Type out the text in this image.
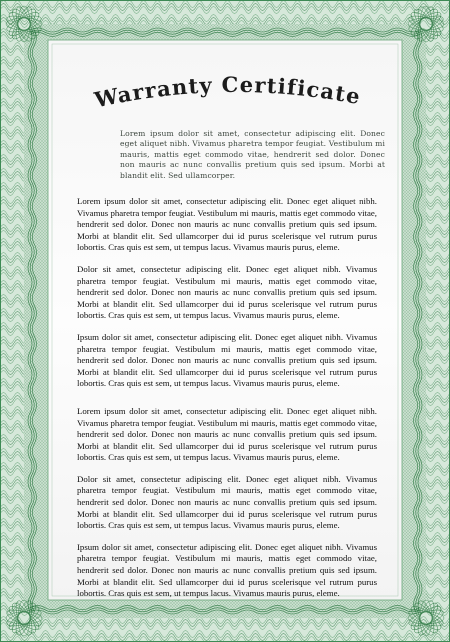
Warranty Certificate

Lorem ipsum dolor sit amet, consectetur adipiscing elit. Donec eget aliquet nibh. Vivamus pharetra tempor feugiat. Vestibulum mi mauris, mattis eget commodo vitae, hendrerit sed dolor. Donec non mauris ac nunc convallis pretium quis sed ipsum. Morbi at blandit elit. Sed ullamcorper.

Lorem ipsum dolor sit amet, consectetur adipiscing elit. Donec eget aliquet nibh. Vivamus pharetra tempor feugiat. Vestibulum mi mauris, mattis eget commodo vitae, hendrerit sed dolor. Donec non mauris ac nunc convallis pretium quis sed ipsum. Morbi at blandit elit. Sed ullamcorper dui id purus scelerisque vel rutrum purus lobortis. Cras quis est sem, ut tempus lacus. Vivamus mauris purus, eleme.

Dolor sit amet, consectetur adipiscing elit. Donec eget aliquet nibh. Vivamus pharetra tempor feugiat. Vestibulum mi mauris, mattis eget commodo vitae, hendrerit sed dolor. Donec non mauris ac nunc convallis pretium quis sed ipsum. Morbi at blandit elit. Sed ullamcorper dui id purus scelerisque vel rutrum purus lobortis. Cras quis est sem, ut tempus lacus. Vivamus mauris purus, eleme.

Ipsum dolor sit amet, consectetur adipiscing elit. Donec eget aliquet nibh. Vivamus pharetra tempor feugiat. Vestibulum mi mauris, mattis eget commodo vitae, hendrerit sed dolor. Donec non mauris ac nunc convallis pretium quis sed ipsum. Morbi at blandit elit. Sed ullamcorper dui id purus scelerisque vel rutrum purus lobortis. Cras quis est sem, ut tempus lacus. Vivamus mauris purus, eleme.

Lorem ipsum dolor sit amet, consectetur adipiscing elit. Donec eget aliquet nibh. Vivamus pharetra tempor feugiat. Vestibulum mi mauris, mattis eget commodo vitae, hendrerit sed dolor. Donec non mauris ac nunc convallis pretium quis sed ipsum. Morbi at blandit elit. Sed ullamcorper dui id purus scelerisque vel rutrum purus lobortis. Cras quis est sem, ut tempus lacus. Vivamus mauris purus, eleme.

Dolor sit amet, consectetur adipiscing elit. Donec eget aliquet nibh. Vivamus pharetra tempor feugiat. Vestibulum mi mauris, mattis eget commodo vitae, hendrerit sed dolor. Donec non mauris ac nunc convallis pretium quis sed ipsum. Morbi at blandit elit. Sed ullamcorper dui id purus scelerisque vel rutrum purus lobortis. Cras quis est sem, ut tempus lacus. Vivamus mauris purus, eleme.

Ipsum dolor sit amet, consectetur adipiscing elit. Donec eget aliquet nibh. Vivamus pharetra tempor feugiat. Vestibulum mi mauris, mattis eget commodo vitae, hendrerit sed dolor. Donec non mauris ac nunc convallis pretium quis sed ipsum. Morbi at blandit elit. Sed ullamcorper dui id purus scelerisque vel rutrum purus lobortis. Cras quis est sem, ut tempus lacus. Vivamus mauris purus, eleme.
